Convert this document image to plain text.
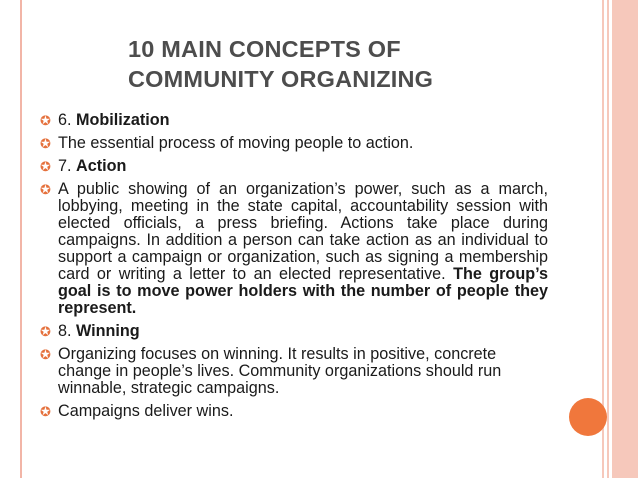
10 MAIN CONCEPTS OF
COMMUNITY ORGANIZING
✪ 6. Mobilization
✪ The essential process of moving people to action.
✪ 7. Action
✪ A public showing of an organization’s power, such as a march, lobbying, meeting in the state capital, accountability session with elected officials, a press briefing. Actions take place during campaigns. In addition a person can take action as an individual to support a campaign or organization, such as signing a membership card or writing a letter to an elected representative. The group’s goal is to move power holders with the number of people they represent.
✪ 8. Winning
✪ Organizing focuses on winning. It results in positive, concrete change in people’s lives. Community organizations should run winnable, strategic campaigns.
✪ Campaigns deliver wins.
